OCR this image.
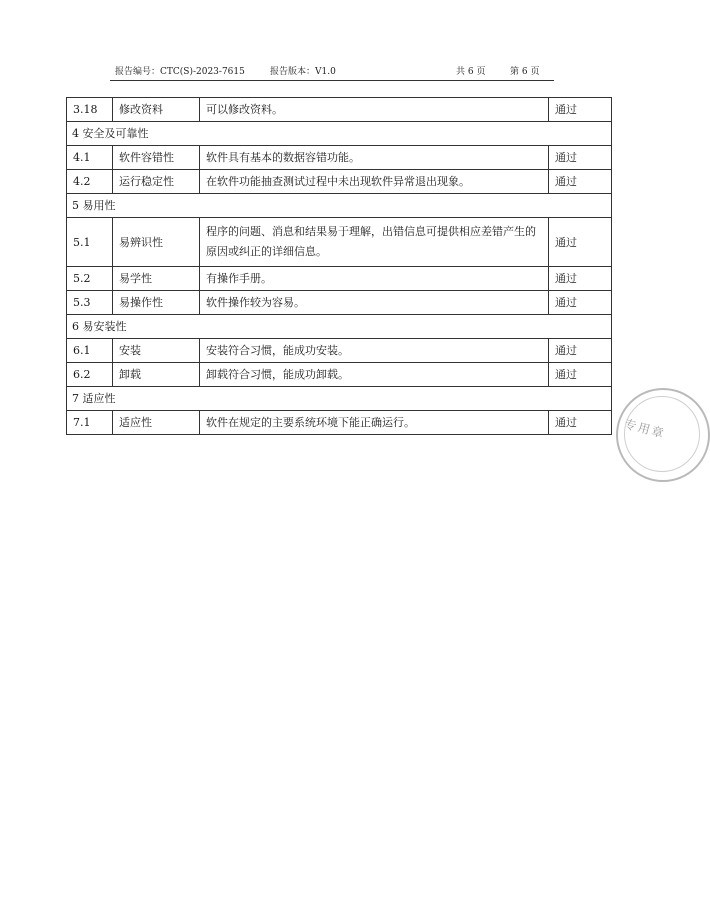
报告编号：CTC(S)-2023-7615	报告版本：V1.0	共 6 页	第 6 页
3.18	修改资料	可以修改资料。	通过
4 安全及可靠性			
4.1	软件容错性	软件具有基本的数据容错功能。	通过
4.2	运行稳定性	在软件功能抽查测试过程中未出现软件异常退出现象。	通过
5 易用性			
5.1	易辨识性	程序的问题、消息和结果易于理解，出错信息可提供相应差错产生的原因或纠正的详细信息。	通过
5.2	易学性	有操作手册。	通过
5.3	易操作性	软件操作较为容易。	通过
6 易安装性			
6.1	安装	安装符合习惯，能成功安装。	通过
6.2	卸载	卸载符合习惯，能成功卸载。	通过
7 适应性			
7.1	适应性	软件在规定的主要系统环境下能正确运行。	通过	专用章
